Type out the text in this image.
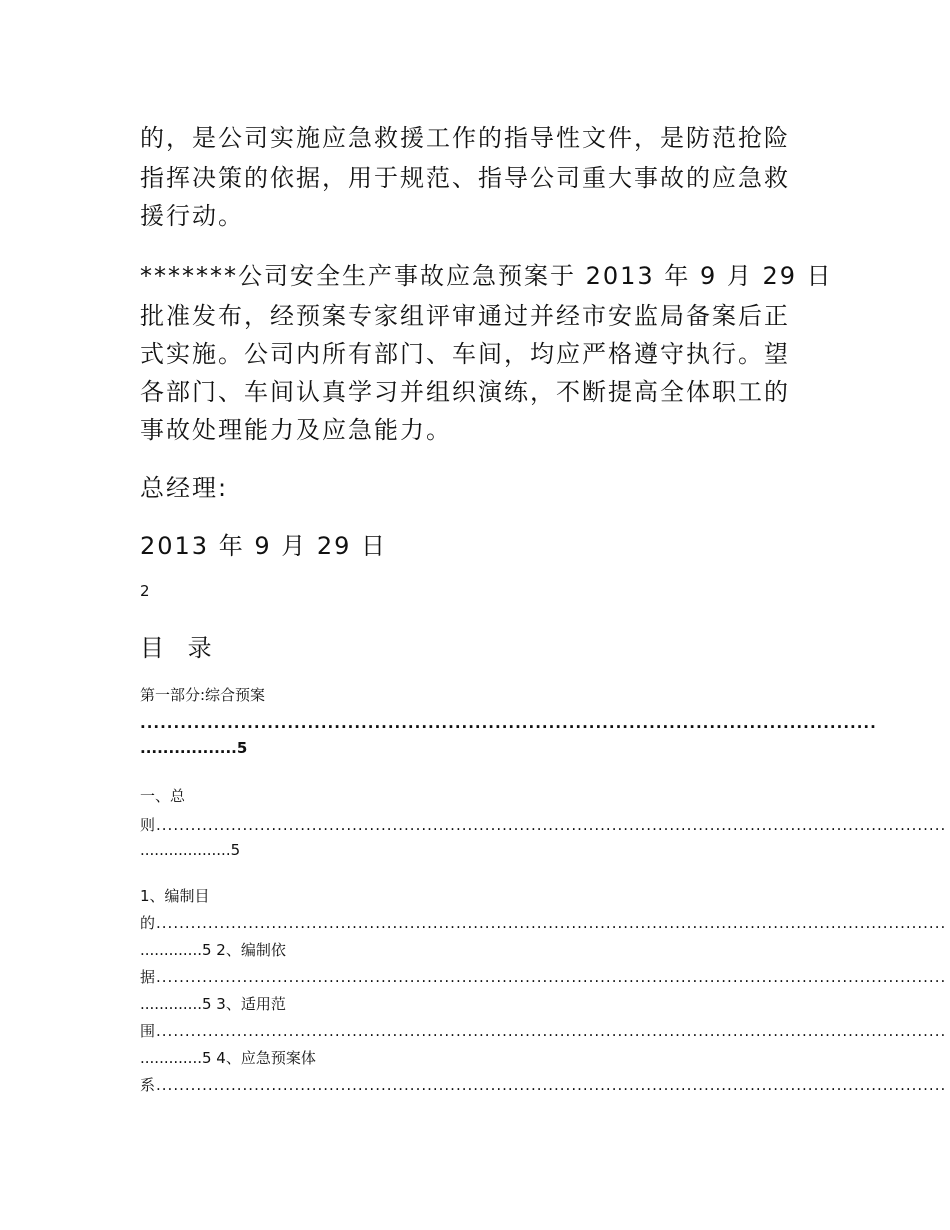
的，是公司实施应急救援工作的指导性文件，是防范抢险

指挥决策的依据，用于规范、指导公司重大事故的应急救

援行动。

*******公司安全生产事故应急预案于 2013 年 9 月 29 日

批准发布，经预案专家组评审通过并经市安监局备案后正

式实施。公司内所有部门、车间，均应严格遵守执行。望

各部门、车间认真学习并组织演练，不断提高全体职工的

事故处理能力及应急能力。

总经理:

2013 年 9 月 29 日

2
目 录
第一部分:综合预案
..............................................................................................................
.................5
一、总
则.........................................................................................................................................
...................5
1、编制目
的.........................................................................................................................................
.............5 2、编制依
据.........................................................................................................................................
.............5 3、适用范
围.........................................................................................................................................
.............5 4、应急预案体
系.........................................................................................................................................
